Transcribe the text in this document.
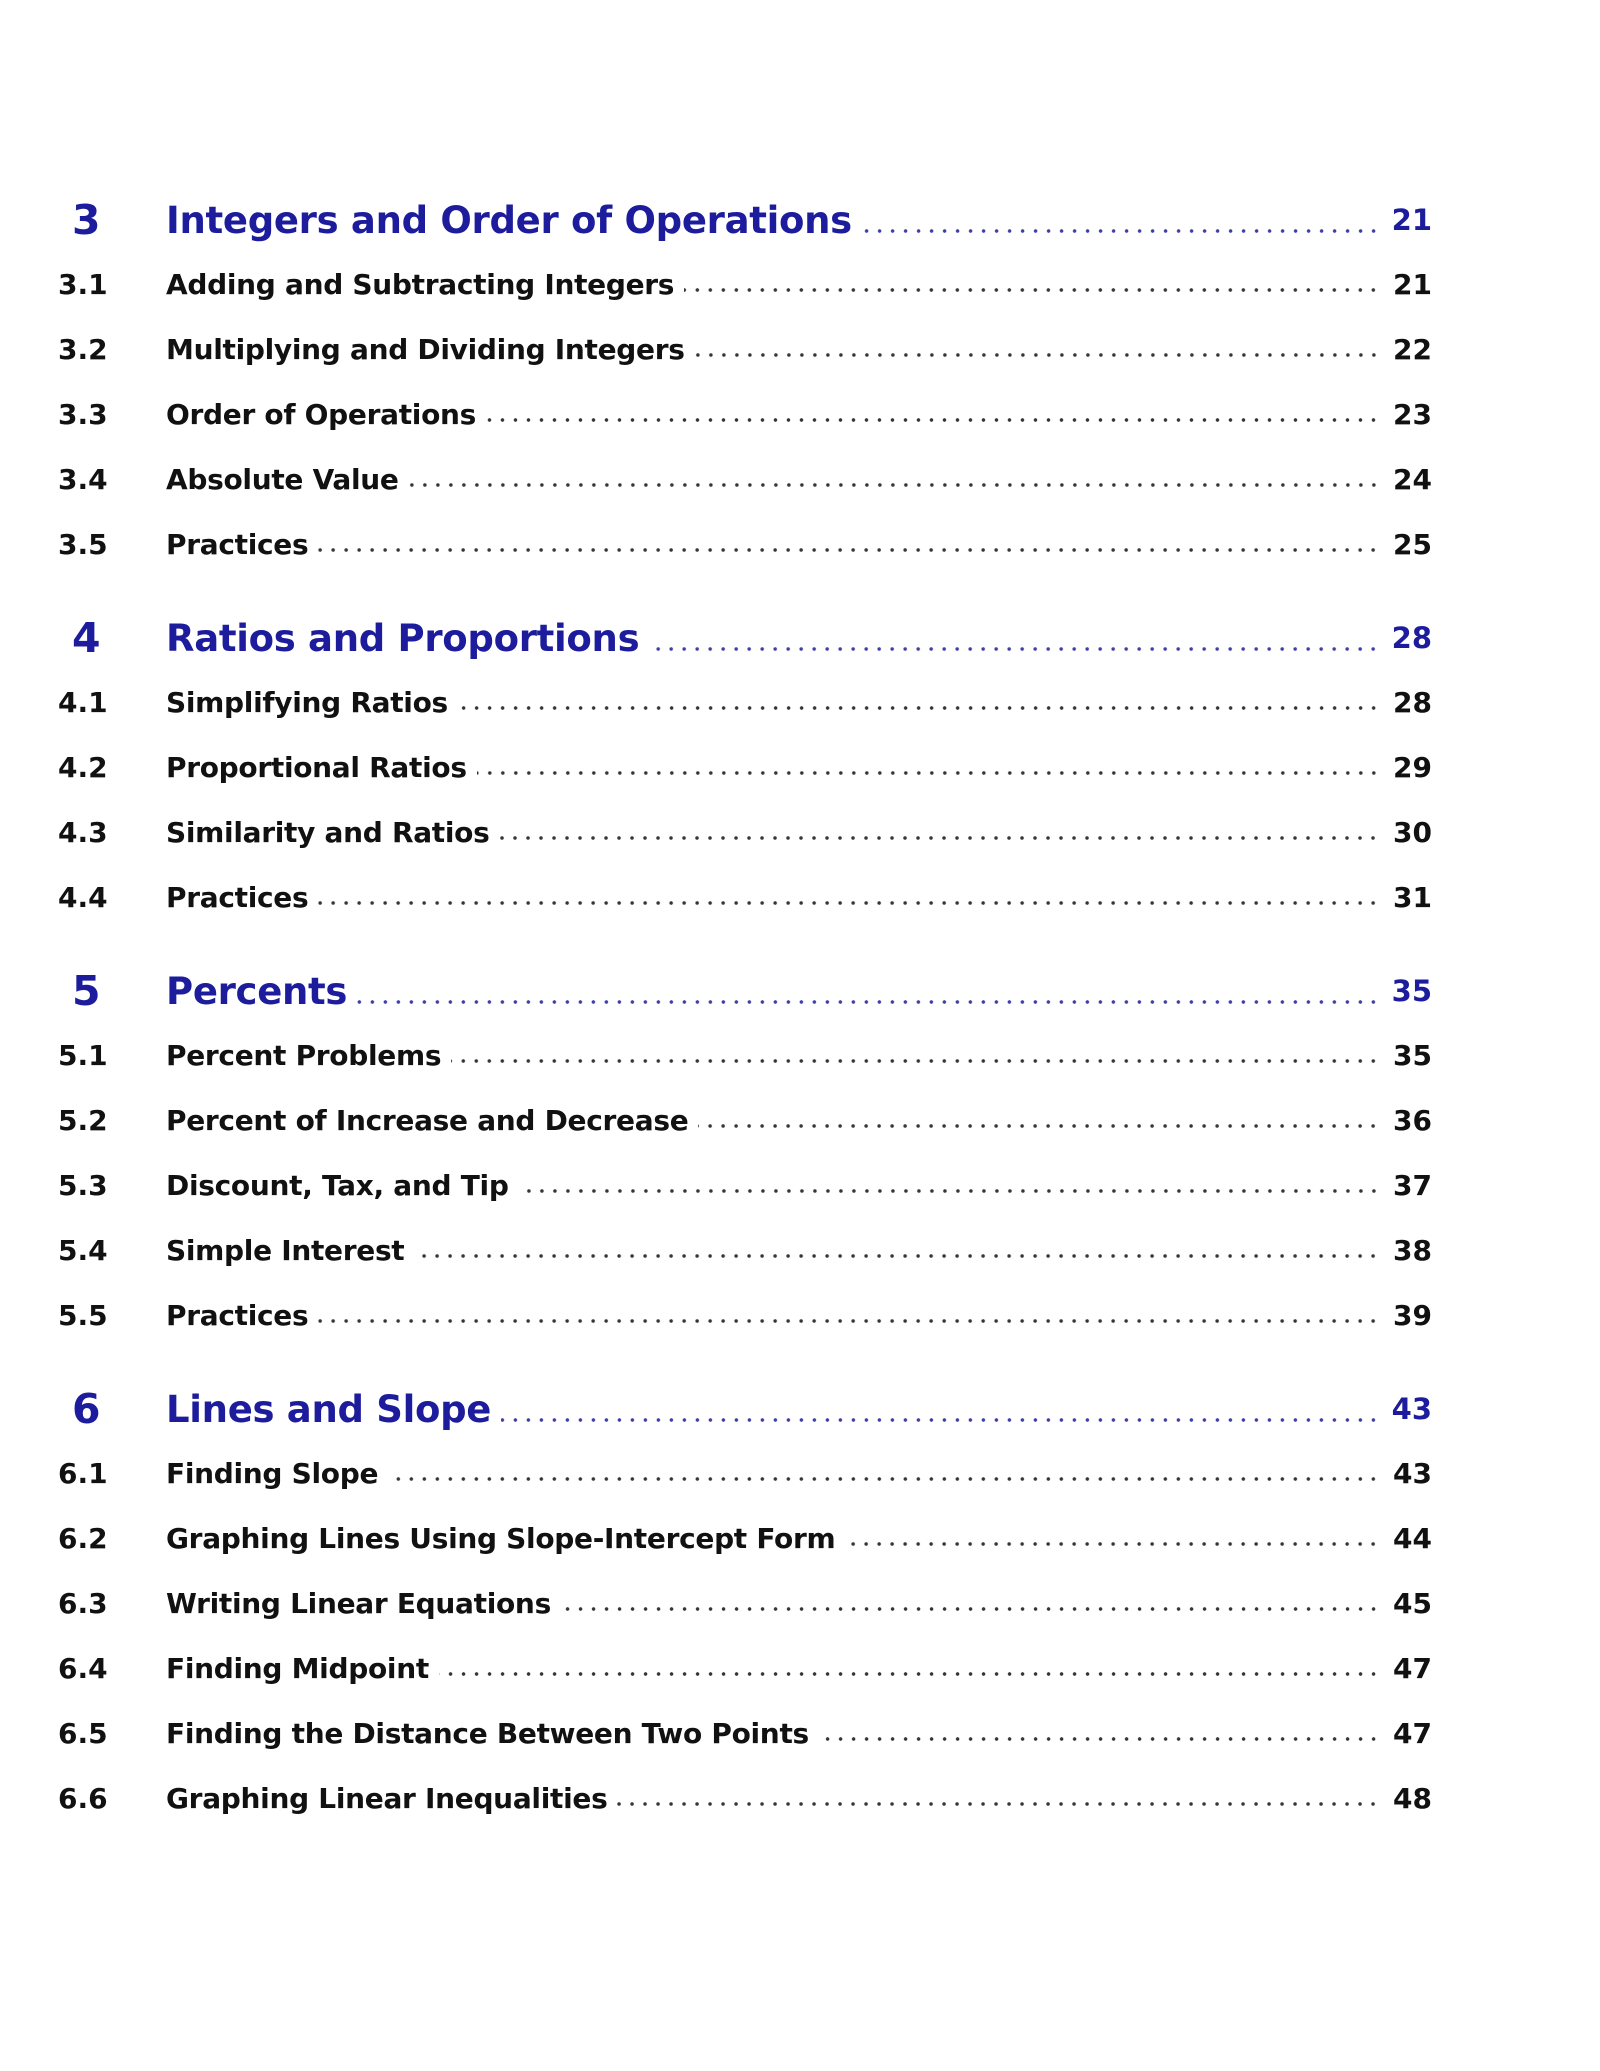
3	Integers and Order of Operations	21
3.1	Adding and Subtracting Integers	21
3.2	Multiplying and Dividing Integers	22
3.3	Order of Operations	23
3.4	Absolute Value	24
3.5	Practices	25
4	Ratios and Proportions	28
4.1	Simplifying Ratios	28
4.2	Proportional Ratios	29
4.3	Similarity and Ratios	30
4.4	Practices	31
5	Percents	35
5.1	Percent Problems	35
5.2	Percent of Increase and Decrease	36
5.3	Discount, Tax, and Tip	37
5.4	Simple Interest	38
5.5	Practices	39
6	Lines and Slope	43
6.1	Finding Slope	43
6.2	Graphing Lines Using Slope-Intercept Form	44
6.3	Writing Linear Equations	45
6.4	Finding Midpoint	47
6.5	Finding the Distance Between Two Points	47
6.6	Graphing Linear Inequalities	48
